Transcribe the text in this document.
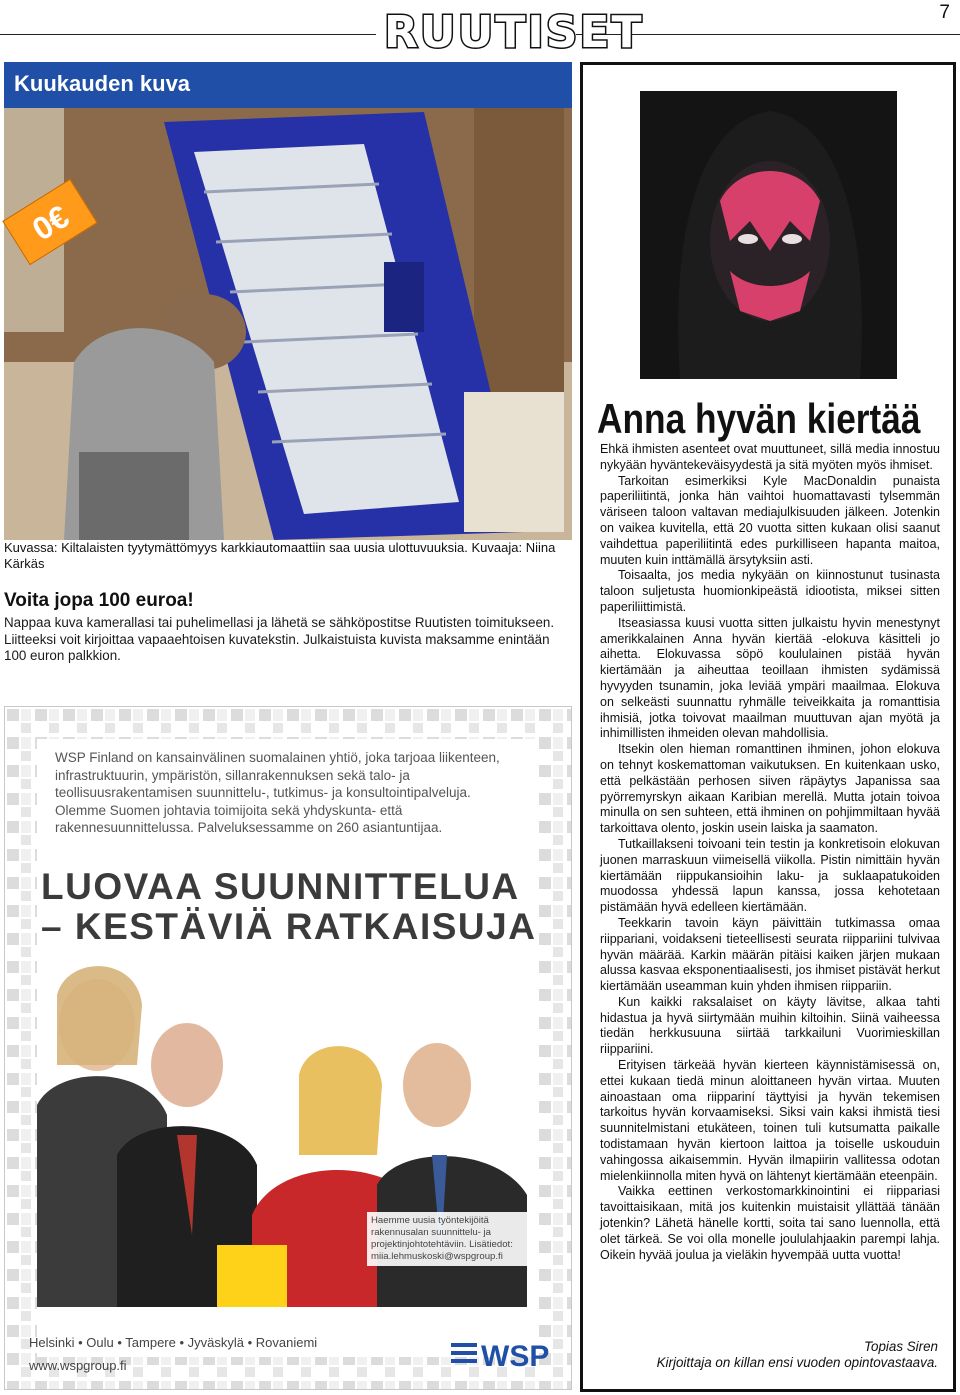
7
RUUTISET
Kuukauden kuva
0€
Kuvassa: Kiltalaisten tyytymättömyys karkkiautomaattiin saa uusia ulottuvuuksia. Kuvaaja: Niina Kärkäs
Voita jopa 100 euroa!
Nappaa kuva kamerallasi tai puhelimellasi ja lähetä se sähköpostitse Ruutisten toimitukseen. Liitteeksi voit kirjoittaa vapaaehtoisen kuvatekstin. Julkaistuista kuvista maksamme enintään 100 euron palkkion.
WSP Finland on kansainvälinen suomalainen yhtiö, joka tarjoaa liikenteen, infrastruktuurin, ympäristön, sillanrakennuksen sekä talo- ja teollisuusrakentamisen suunnittelu-, tutkimus- ja konsultointipalveluja. Olemme Suomen johtavia toimijoita sekä yhdyskunta- että rakennesuunnittelussa. Palveluksessamme on 260 asiantuntijaa.
LUOVAA SUUNNITTELUA
– KESTÄVIÄ RATKAISUJA
Haemme uusia työntekijöitä rakennusalan suunnittelu- ja projektinjohtotehtäviin. Lisätiedot: miia.lehmuskoski@wspgroup.fi
Helsinki • Oulu • Tampere • Jyväskylä • Rovaniemi
www.wspgroup.fi	WSP
Anna hyvän kiertää

Ehkä ihmisten asenteet ovat muuttuneet, sillä media innostuu nykyään hyväntekeväisyydestä ja sitä myöten myös ihmiset.

Tarkoitan esimerkiksi Kyle MacDonaldin punaista paperiliitintä, jonka hän vaihtoi huomattavasti tylsemmän väriseen taloon valtavan mediajulkisuuden jälkeen. Jotenkin on vaikea kuvitella, että 20 vuotta sitten kukaan olisi saanut vaihdettua paperiliitintä edes purkilliseen hapanta maitoa, muuten kuin inttämällä ärsytyksiin asti.

Toisaalta, jos media nykyään on kiinnostunut tusinasta taloon suljetusta huomionkipeästä idiootista, miksei sitten paperiliittimistä.

Itseasiassa kuusi vuotta sitten julkaistu hyvin menestynyt amerikkalainen Anna hyvän kiertää -elokuva käsitteli jo aihetta. Elokuvassa söpö koululainen pistää hyvän kiertämään ja aiheuttaa teoillaan ihmisten sydämissä hyvyyden tsunamin, joka leviää ympäri maailmaa. Elokuva on selkeästi suunnattu ryhmälle teiveikkaita ja romanttisia ihmisiä, jotka toivovat maailman muuttuvan ajan myötä ja inhimillisten ihmeiden olevan mahdollisia.

Itsekin olen hieman romanttinen ihminen, johon elokuva on tehnyt koskemattoman vaikutuksen. En kuitenkaan usko, että pelkästään perhosen siiven räpäytys Japanissa saa pyörremyrskyn aikaan Karibian merellä. Mutta jotain toivoa minulla on sen suhteen, että ihminen on pohjimmiltaan hyvää tarkoittava olento, joskin usein laiska ja saamaton.

Tutkaillakseni toivoani tein testin ja konkretisoin elokuvan juonen marraskuun viimeisellä viikolla. Pistin nimittäin hyvän kiertämään riippukansioihin laku- ja suklaapatukoiden muodossa yhdessä lapun kanssa, jossa kehotetaan pistämään hyvä edelleen kiertämään.

Teekkarin tavoin käyn päivittäin tutkimassa omaa riippariani, voidakseni tieteellisesti seurata riippariini tulvivaa hyvän määrää. Karkin määrän pitäisi kaiken järjen mukaan alussa kasvaa eksponentiaalisesti, jos ihmiset pistävät herkut kiertämään useamman kuin yhden ihmisen riippariin.

Kun kaikki raksalaiset on käyty lävitse, alkaa tahti hidastua ja hyvä siirtymään muihin kiltoihin. Siinä vaiheessa tiedän herkkusuuna siirtää tarkkailuni Vuorimieskillan riippariini.

Erityisen tärkeää hyvän kierteen käynnistämisessä on, ettei kukaan tiedä minun aloittaneen hyvän virtaa. Muuten ainoastaan oma riippariní täyttyisi ja hyvän tekemisen tarkoitus hyvän korvaamiseksi. Siksi vain kaksi ihmistä tiesi suunnitelmistani etukäteen, toinen tuli kutsumatta paikalle todistamaan hyvän kiertoon laittoa ja toiselle uskouduin vahingossa aikaisemmin. Hyvän ilmapiirin vallitessa odotan mielenkiinnolla miten hyvä on lähtenyt kiertämään eteenpäin.

Vaikka eettinen verkostomarkkinointini ei riippariasi tavoittaisikaan, mitä jos kuitenkin muistaisit yllättää tänään jotenkin? Lähetä hänelle kortti, soita tai sano luennolla, että olet tärkeä. Se voi olla monelle joululahjaakin parempi lahja. Oikein hyvää joulua ja vieläkin hyvempää uutta vuotta!

Topias Siren
Kirjoittaja on killan ensi vuoden opintovastaava.
